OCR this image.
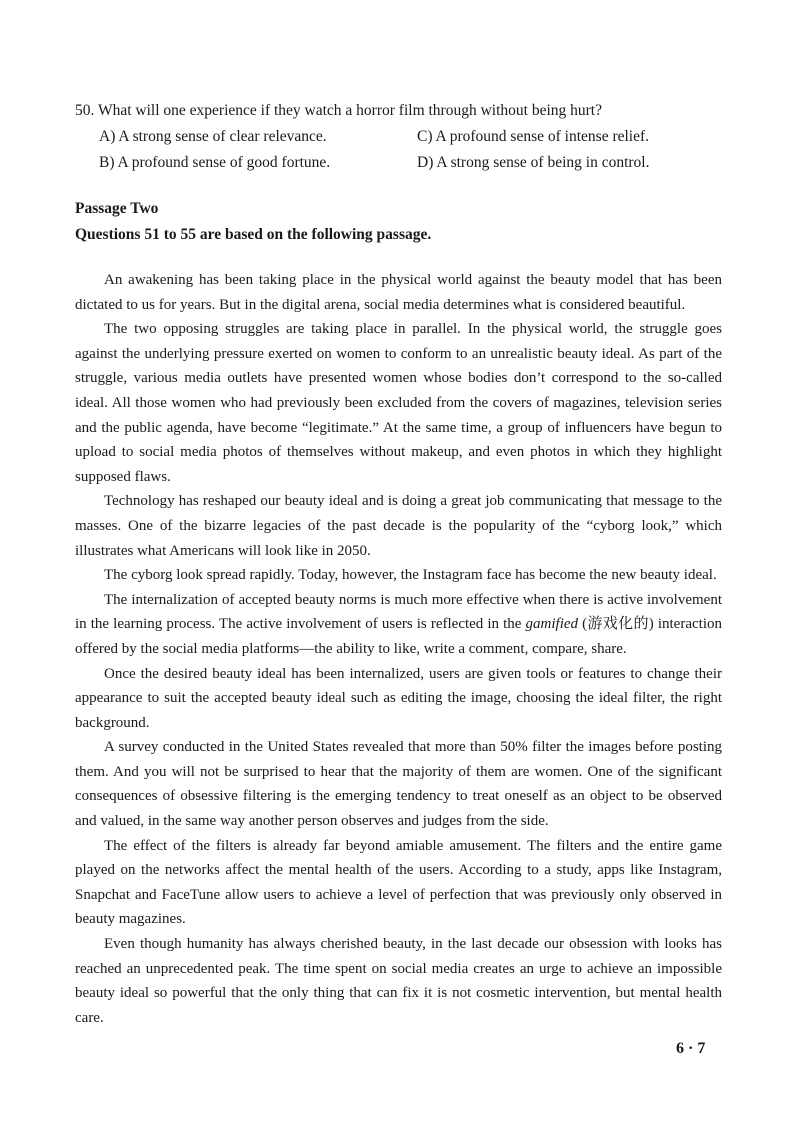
50. What will one experience if they watch a horror film through without being hurt?

A) A strong sense of clear relevance.	C) A profound sense of intense relief.
B) A profound sense of good fortune.	D) A strong sense of being in control.

Passage Two

Questions 51 to 55 are based on the following passage.

An awakening has been taking place in the physical world against the beauty model that has been dictated to us for years. But in the digital arena, social media determines what is considered beautiful.

The two opposing struggles are taking place in parallel. In the physical world, the struggle goes against the underlying pressure exerted on women to conform to an unrealistic beauty ideal. As part of the struggle, various media outlets have presented women whose bodies don’t correspond to the so-called ideal. All those women who had previously been excluded from the covers of magazines, television series and the public agenda, have become “legitimate.” At the same time, a group of influencers have begun to upload to social media photos of themselves without makeup, and even photos in which they highlight supposed flaws.

Technology has reshaped our beauty ideal and is doing a great job communicating that message to the masses. One of the bizarre legacies of the past decade is the popularity of the “cyborg look,” which illustrates what Americans will look like in 2050.

The cyborg look spread rapidly. Today, however, the Instagram face has become the new beauty ideal.

The internalization of accepted beauty norms is much more effective when there is active involvement in the learning process. The active involvement of users is reflected in the gamified (游戏化的) interaction offered by the social media platforms—the ability to like, write a comment, compare, share.

Once the desired beauty ideal has been internalized, users are given tools or features to change their appearance to suit the accepted beauty ideal such as editing the image, choosing the ideal filter, the right background.

A survey conducted in the United States revealed that more than 50% filter the images before posting them. And you will not be surprised to hear that the majority of them are women. One of the significant consequences of obsessive filtering is the emerging tendency to treat oneself as an object to be observed and valued, in the same way another person observes and judges from the side.

The effect of the filters is already far beyond amiable amusement. The filters and the entire game played on the networks affect the mental health of the users. According to a study, apps like Instagram, Snapchat and FaceTune allow users to achieve a level of perfection that was previously only observed in beauty magazines.

Even though humanity has always cherished beauty, in the last decade our obsession with looks has reached an unprecedented peak. The time spent on social media creates an urge to achieve an impossible beauty ideal so powerful that the only thing that can fix it is not cosmetic intervention, but mental health care.

6 · 7
